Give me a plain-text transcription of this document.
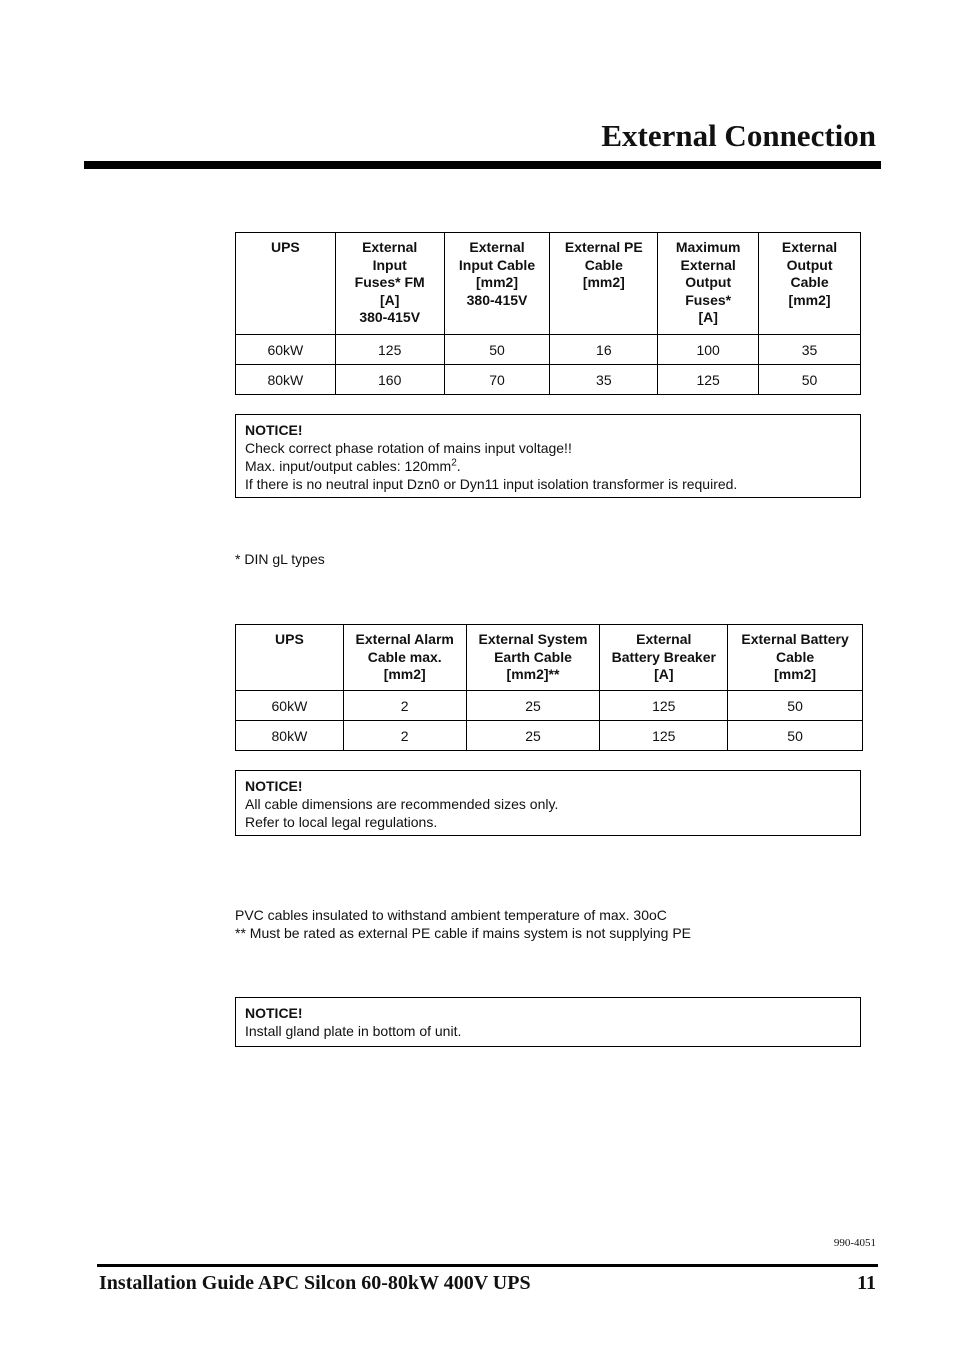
External Connection
UPS	External
Input
Fuses* FM
[A]
380-415V	External
Input Cable
[mm2]
380-415V	External PE
Cable
[mm2]	Maximum
External
Output
Fuses*
[A]	External
Output
Cable
[mm2]
60kW	125	50	16	100	35
80kW	160	70	35	125	50
NOTICE!
Check correct phase rotation of mains input voltage!!
Max. input/output cables: $120mm^2$.
If there is no neutral input Dzn0 or Dyn11 input isolation transformer is required.
* DIN gL types
UPS	External Alarm
Cable max.
[mm2]	External System
Earth Cable
[mm2]**	External
Battery Breaker
[A]	External Battery
Cable
[mm2]
60kW	2	25	125	50
80kW	2	25	125	50
NOTICE!
All cable dimensions are recommended sizes only.
Refer to local legal regulations.
PVC cables insulated to withstand ambient temperature of max. 30oC
** Must be rated as external PE cable if mains system is not supplying PE
NOTICE!
Install gland plate in bottom of unit.
990-4051
Installation Guide APC Silcon 60-80kW 400V UPS	11
